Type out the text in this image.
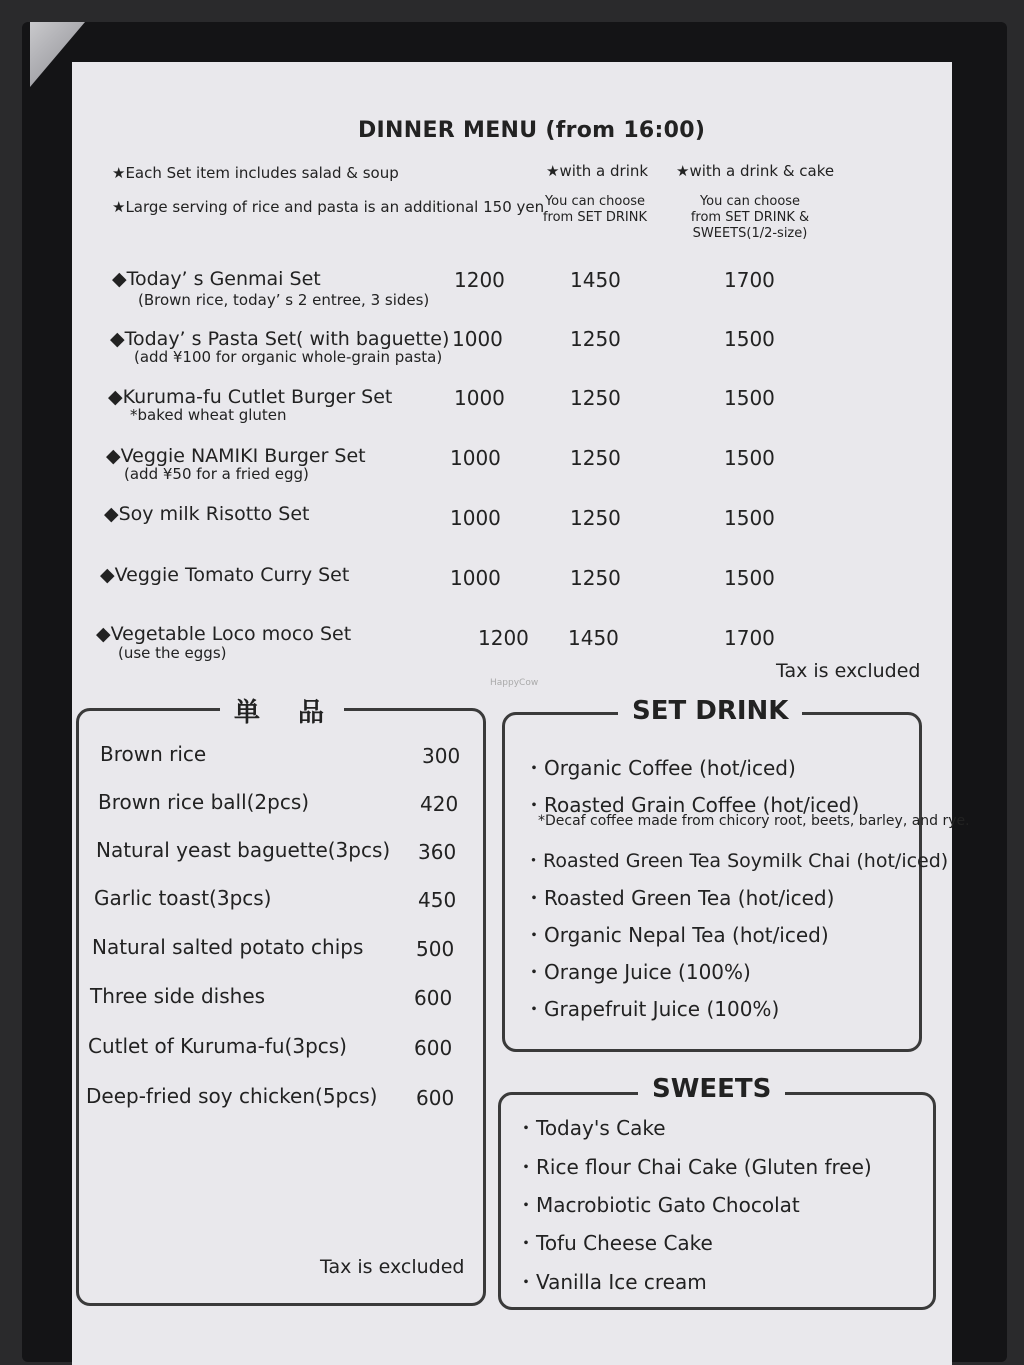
DINNER MENU (from 16:00)
★Each Set item includes salad & soup
★Large serving of rice and pasta is an additional 150 yen
★with a drink
You can choose from SET DRINK
★with a drink & cake
You can choose from SET DRINK & SWEETS(1/2-size)
◆Today’ s Genmai Set
(Brown rice, today’ s 2 entree, 3 sides)
1200	1450	1700
◆Today’ s Pasta Set( with baguette)
(add ¥100 for organic whole-grain pasta)
1000	1250	1500
◆Kuruma-fu Cutlet Burger Set
*baked wheat gluten
1000	1250	1500
◆Veggie NAMIKI Burger Set
(add ¥50 for a fried egg)
1000	1250	1500
◆Soy milk Risotto Set	1000	1250	1500
◆Veggie Tomato Curry Set	1000	1250	1500
◆Vegetable Loco moco Set
(use the eggs)
1200 1450	1700
Tax is excluded
HappyCow
単　品
Brown rice	300
Brown rice ball(2pcs)	420
Natural yeast baguette(3pcs) 360
Garlic toast(3pcs)	450
Natural salted potato chips	500
Three side dishes	600
Cutlet of Kuruma-fu(3pcs)	600
Deep-fried soy chicken(5pcs) 600
Tax is excluded
SET DRINK
・Organic Coffee (hot/iced)
・Roasted Grain Coffee (hot/iced)
*Decaf coffee made from chicory root, beets, barley, and rye.
・Roasted Green Tea Soymilk Chai (hot/iced)
・Roasted Green Tea (hot/iced)
・Organic Nepal Tea (hot/iced)
・Orange Juice (100%)
・Grapefruit Juice (100%)
SWEETS
・Today's Cake
・Rice flour Chai Cake (Gluten free)
・Macrobiotic Gato Chocolat
・Tofu Cheese Cake
・Vanilla Ice cream
